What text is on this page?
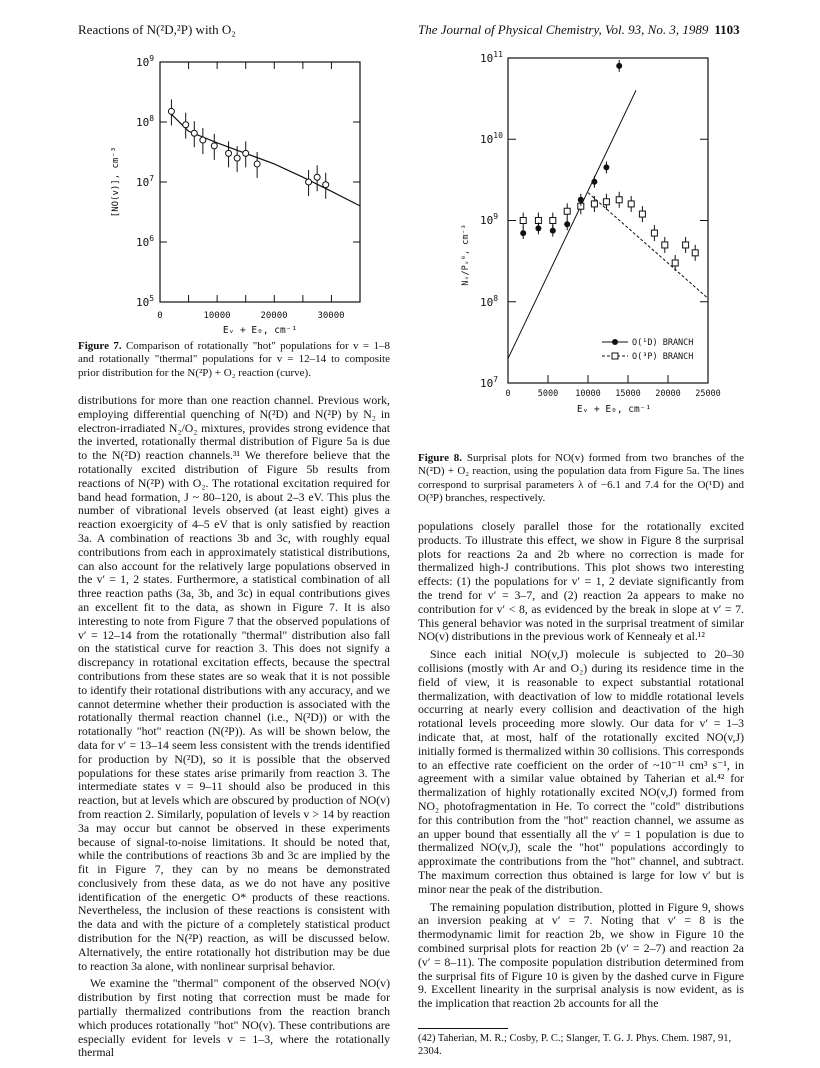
Reactions of N(²D,²P) with O₂	The Journal of Physical Chemistry, Vol. 93, No. 3, 1989 1103
$10^9$
$10^8$
$10^7$
$10^6$
$10^5$
0	10000	20000	30000
Eᵥ + E₀, cm⁻¹
[NO(v)], cm⁻³
Figure 7. Comparison of rotationally "hot" populations for v = 1–8 and rotationally "thermal" populations for v = 12–14 to composite prior distribution for the N(²P) + O₂ reaction (curve).
O(¹D) BRANCH
O(³P) BRANCH
$10^{11}$
$10^{10}$
$10^9$
$10^8$
$10^7$
0	5000 10000 15000 20000 25000
Eᵥ + E₀, cm⁻¹
Nᵥ/Pᵥ⁰, cm⁻³
Figure 8. Surprisal plots for NO(v) formed from two branches of the N(²D) + O₂ reaction, using the population data from Figure 5a. The lines correspond to surprisal parameters λ of −6.1 and 7.4 for the O(¹D) and O(³P) branches, respectively.

distributions for more than one reaction channel. Previous work, employing differential quenching of N(²D) and N(²P) by N₂ in electron-irradiated N₂/O₂ mixtures, provides strong evidence that the inverted, rotationally thermal distribution of Figure 5a is due to the N(²D) reaction channels.³¹ We therefore believe that the rotationally excited distribution of Figure 5b results from reactions of N(²P) with O₂. The rotational excitation required for band head formation, J ~ 80–120, is about 2–3 eV. This plus the number of vibrational levels observed (at least eight) gives a reaction exoergicity of 4–5 eV that is only satisfied by reaction 3a. A combination of reactions 3b and 3c, with roughly equal contributions from each in approximately statistical distributions, can also account for the relatively large populations observed in the v′ = 1, 2 states. Furthermore, a statistical combination of all three reaction paths (3a, 3b, and 3c) in equal contributions gives an excellent fit to the data, as shown in Figure 7. It is also interesting to note from Figure 7 that the observed populations of v′ = 12–14 from the rotationally "thermal" distribution also fall on the statistical curve for reaction 3. This does not signify a discrepancy in rotational excitation effects, because the spectral contributions from these states are so weak that it is not possible to identify their rotational distributions with any accuracy, and we cannot determine whether their production is associated with the rotationally thermal reaction channel (i.e., N(²D)) or with the rotationally "hot" reaction (N(²P)). As will be shown below, the data for v′ = 13–14 seem less consistent with the trends identified for production by N(²D), so it is possible that the observed populations for these states arise primarily from reaction 3. The intermediate states v = 9–11 should also be produced in this reaction, but at levels which are obscured by production of NO(v) from reaction 2. Similarly, population of levels v > 14 by reaction 3a may occur but cannot be observed in these experiments because of signal-to-noise limitations. It should be noted that, while the contributions of reactions 3b and 3c are implied by the fit in Figure 7, they can by no means be demonstrated conclusively from these data, as we do not have any positive identification of the energetic O* products of these reactions. Nevertheless, the inclusion of these reactions is consistent with the data and with the picture of a completely statistical product distribution for the N(²P) reaction, as will be discussed below. Alternatively, the entire rotationally hot distribution may be due to reaction 3a alone, with nonlinear surprisal behavior.

We examine the "thermal" component of the observed NO(v) distribution by first noting that correction must be made for partially thermalized contributions from the reaction branch which produces rotationally "hot" NO(v). These contributions are especially evident for levels v = 1–3, where the rotationally thermal

populations closely parallel those for the rotationally excited products. To illustrate this effect, we show in Figure 8 the surprisal plots for reactions 2a and 2b where no correction is made for thermalized high-J contributions. This plot shows two interesting effects: (1) the populations for v′ = 1, 2 deviate significantly from the trend for v′ = 3–7, and (2) reaction 2a appears to make no contribution for v′ < 8, as evidenced by the break in slope at v′ = 7. This general behavior was noted in the surprisal treatment of similar NO(v) distributions in the previous work of Kenneały et al.¹²

Since each initial NO(v,J) molecule is subjected to 20–30 collisions (mostly with Ar and O₂) during its residence time in the field of view, it is reasonable to expect substantial rotational thermalization, with deactivation of low to middle rotational levels occurring at nearly every collision and deactivation of the high rotational levels proceeding more slowly. Our data for v′ = 1–3 indicate that, at most, half of the rotationally excited NO(v,J) initially formed is thermalized within 30 collisions. This corresponds to an effective rate coefficient on the order of ~10⁻¹¹ cm³ s⁻¹, in agreement with a similar value obtained by Taherian et al.⁴² for thermalization of highly rotationally excited NO(v,J) formed from NO₂ photofragmentation in He. To correct the "cold" distributions for this contribution from the "hot" reaction channel, we assume as an upper bound that essentially all the v′ = 1 population is due to thermalized NO(v,J), scale the "hot" populations accordingly to approximate the contributions from the "hot" channel, and subtract. The maximum correction thus obtained is large for low v′ but is minor near the peak of the distribution.

The remaining population distribution, plotted in Figure 9, shows an inversion peaking at v′ = 7. Noting that v′ = 8 is the thermodynamic limit for reaction 2b, we show in Figure 10 the combined surprisal plots for reaction 2b (v′ = 2–7) and reaction 2a (v′ = 8–11). The composite population distribution determined from the surprisal fits of Figure 10 is given by the dashed curve in Figure 9. Excellent linearity in the surprisal analysis is now evident, as is the implication that reaction 2b accounts for all the

(42) Taherian, M. R.; Cosby, P. C.; Slanger, T. G. J. Phys. Chem. 1987, 91, 2304.
